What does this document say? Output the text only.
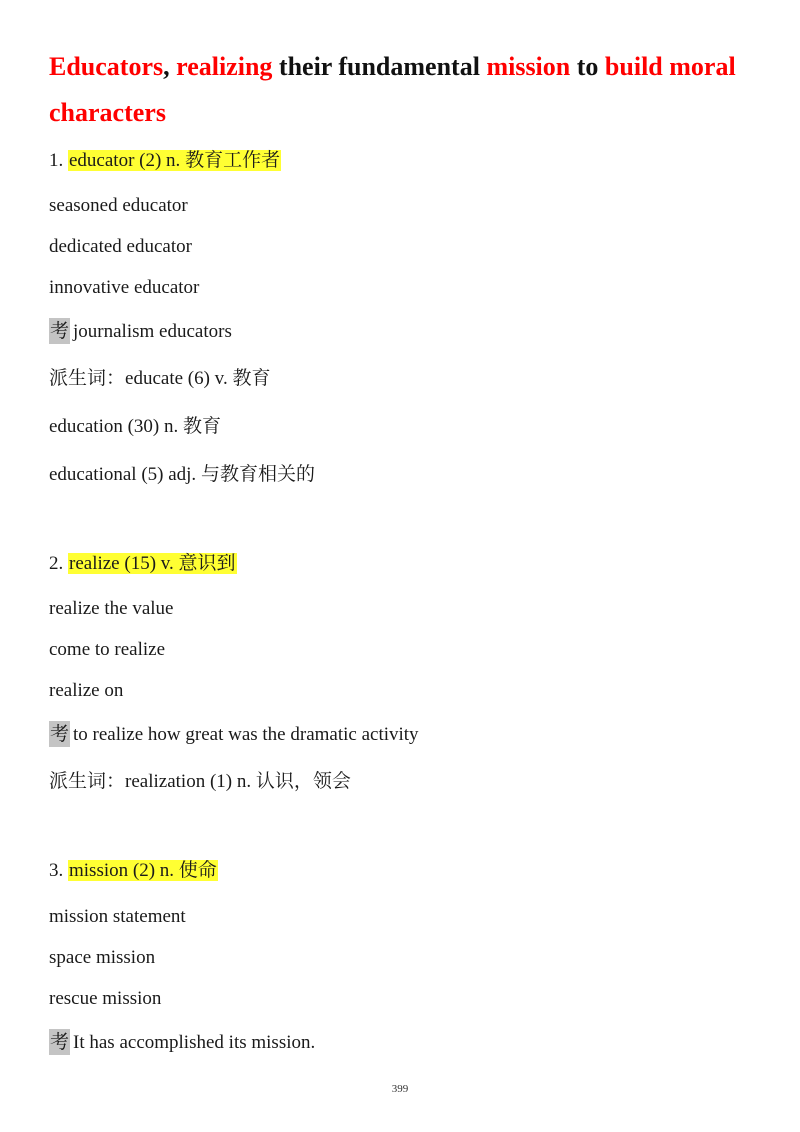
Educators, realizing their fundamental mission to build moral characters
1. educator (2) n. 教育工作者
seasoned educator
dedicated educator
innovative educator
考 journalism educators
派生词：educate (6) v. 教育
education (30) n. 教育
educational (5) adj. 与教育相关的
2. realize (15) v. 意识到
realize the value
come to realize
realize on
考 to realize how great was the dramatic activity
派生词：realization (1) n. 认识，领会
3. mission (2) n. 使命
mission statement
space mission
rescue mission
考 It has accomplished its mission.
399
